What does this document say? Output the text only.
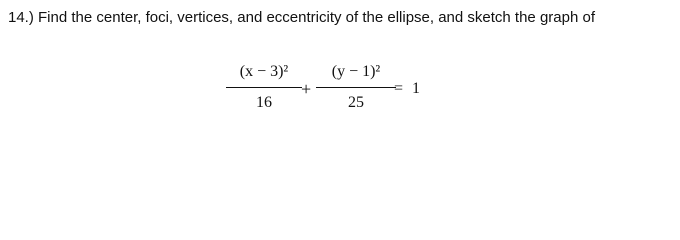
14.) Find the center, foci, vertices, and eccentricity of the ellipse, and sketch the graph of
(x − 3)²
16
+
(y − 1)²
25
= 1
